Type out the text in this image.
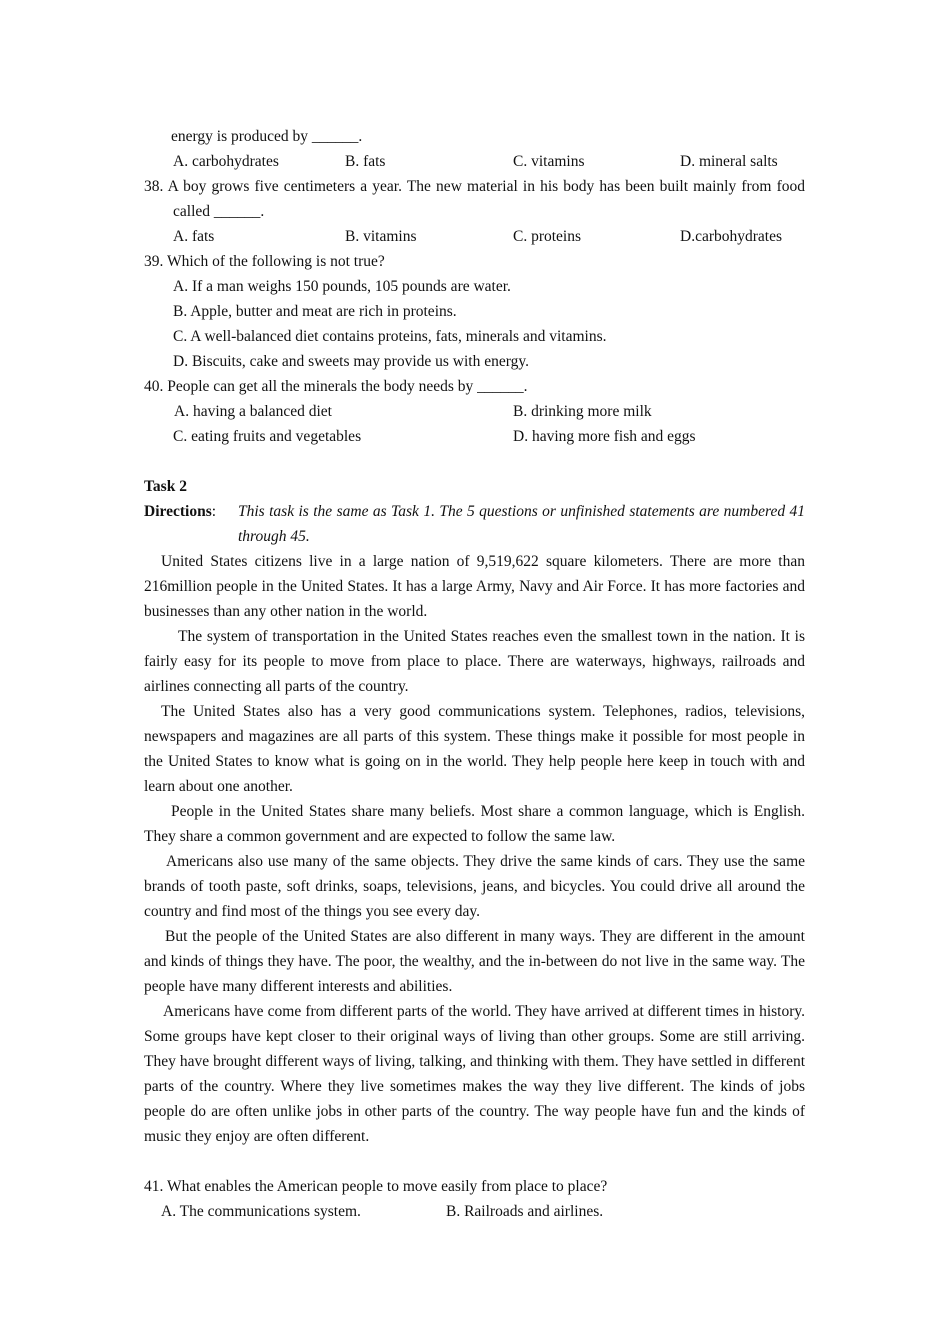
energy is produced by ______.
A. carbohydrates	B. fats	C. vitamins	D. mineral salts
38. A boy grows five centimeters a year. The new material in his body has been built mainly from food called ______.
A. fats	B. vitamins	C. proteins	D.carbohydrates
39. Which of the following is not true?
A. If a man weighs 150 pounds, 105 pounds are water.
B. Apple, butter and meat are rich in proteins.
C. A well-balanced diet contains proteins, fats, minerals and vitamins.
D. Biscuits, cake and sweets may provide us with energy.
40. People can get all the minerals the body needs by ______.
A. having a balanced diet	B. drinking more milk
C. eating fruits and vegetables	D. having more fish and eggs
Task 2
Directions:	This task is the same as Task 1. The 5 questions or unfinished statements are numbered 41 through 45.

United States citizens live in a large nation of 9,519,622 square kilometers. There are more than 216million people in the United States. It has a large Army, Navy and Air Force. It has more factories and businesses than any other nation in the world.

The system of transportation in the United States reaches even the smallest town in the nation. It is fairly easy for its people to move from place to place. There are waterways, highways, railroads and airlines connecting all parts of the country.

The United States also has a very good communications system. Telephones, radios, televisions, newspapers and magazines are all parts of this system. These things make it possible for most people in the United States to know what is going on in the world. They help people here keep in touch with and learn about one another.

People in the United States share many beliefs. Most share a common language, which is English. They share a common government and are expected to follow the same law.

Americans also use many of the same objects. They drive the same kinds of cars. They use the same brands of tooth paste, soft drinks, soaps, televisions, jeans, and bicycles. You could drive all around the country and find most of the things you see every day.

But the people of the United States are also different in many ways. They are different in the amount and kinds of things they have. The poor, the wealthy, and the in-between do not live in the same way. The people have many different interests and abilities.

Americans have come from different parts of the world. They have arrived at different times in history. Some groups have kept closer to their original ways of living than other groups. Some are still arriving. They have brought different ways of living, talking, and thinking with them. They have settled in different parts of the country. Where they live sometimes makes the way they live different. The kinds of jobs people do are often unlike jobs in other parts of the country. The way people have fun and the kinds of music they enjoy are often different.

41. What enables the American people to move easily from place to place?
A. The communications system.	B. Railroads and airlines.
